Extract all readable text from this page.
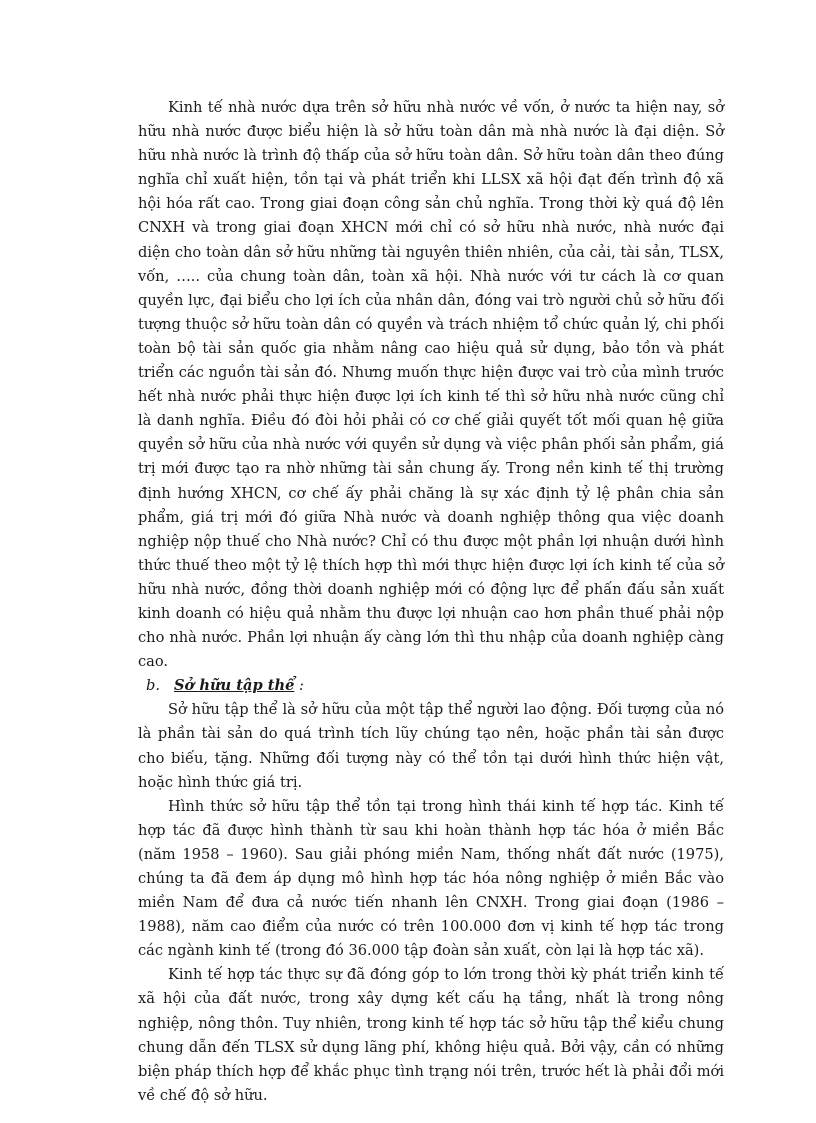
Kinh tế nhà nước dựa trên sở hữu nhà nước về vốn, ở nước ta hiện nay, sở hữu nhà nước được biểu hiện là sở hữu toàn dân mà nhà nước là đại diện. Sở hữu nhà nước là trình độ thấp của sở hữu toàn dân. Sở hữu toàn dân theo đúng nghĩa chỉ xuất hiện, tồn tại và phát triển khi LLSX xã hội đạt đến trình độ xã hội hóa rất cao. Trong giai đoạn công sản chủ nghĩa. Trong thời kỳ quá độ lên CNXH và trong giai đoạn XHCN mới chỉ có sở hữu nhà nước, nhà nước đại diện cho toàn dân sở hữu những tài nguyên thiên nhiên, của cải, tài sản, TLSX, vốn, ….. của chung toàn dân, toàn xã hội. Nhà nước với tư cách là cơ quan quyền lực, đại biểu cho lợi ích của nhân dân, đóng vai trò người chủ sở hữu đối tượng thuộc sở hữu toàn dân có quyền và trách nhiệm tổ chức quản lý, chi phối toàn bộ tài sản quốc gia nhằm nâng cao hiệu quả sử dụng, bảo tồn và phát triển các nguồn tài sản đó. Nhưng muốn thực hiện được vai trò của mình trước hết nhà nước phải thực hiện được lợi ích kinh tế thì sở hữu nhà nước cũng chỉ là danh nghĩa. Điều đó đòi hỏi phải có cơ chế giải quyết tốt mối quan hệ giữa quyền sở hữu của nhà nước với quyền sử dụng và việc phân phối sản phẩm, giá trị mới được tạo ra nhờ những tài sản chung ấy. Trong nền kinh tế thị trường định hướng XHCN, cơ chế ấy phải chăng là sự xác định tỷ lệ phân chia sản phẩm, giá trị mới đó giữa Nhà nước và doanh nghiệp thông qua việc doanh nghiệp nộp thuế cho Nhà nước? Chỉ có thu được một phần lợi nhuận dưới hình thức thuế theo một tỷ lệ thích hợp thì mới thực hiện được lợi ích kinh tế của sở hữu nhà nước, đồng thời doanh nghiệp mới có động lực để phấn đấu sản xuất kinh doanh có hiệu quả nhằm thu được lợi nhuận cao hơn phần thuế phải nộp cho nhà nước. Phần lợi nhuận ấy càng lớn thì thu nhập của doanh nghiệp càng cao.

b. Sở hữu tập thể :

Sở hữu tập thể là sở hữu của một tập thể người lao động. Đối tượng của nó là phần tài sản do quá trình tích lũy chúng tạo nên, hoặc phần tài sản được cho biếu, tặng. Những đối tượng này có thể tồn tại dưới hình thức hiện vật, hoặc hình thức giá trị.

Hình thức sở hữu tập thể tồn tại trong hình thái kinh tế hợp tác. Kinh tế hợp tác đã được hình thành từ sau khi hoàn thành hợp tác hóa ở miền Bắc (năm 1958 – 1960). Sau giải phóng miền Nam, thống nhất đất nước (1975), chúng ta đã đem áp dụng mô hình hợp tác hóa nông nghiệp ở miền Bắc vào miền Nam để đưa cả nước tiến nhanh lên CNXH. Trong giai đoạn (1986 – 1988), năm cao điểm của nước có trên 100.000 đơn vị kinh tế hợp tác trong các ngành kinh tế (trong đó 36.000 tập đoàn sản xuất, còn lại là hợp tác xã).

Kinh tế hợp tác thực sự đã đóng góp to lớn trong thời kỳ phát triển kinh tế xã hội của đất nước, trong xây dựng kết cấu hạ tầng, nhất là trong nông nghiệp, nông thôn. Tuy nhiên, trong kinh tế hợp tác sở hữu tập thể kiểu chung chung dẫn đến TLSX sử dụng lãng phí, không hiệu quả. Bởi vậy, cần có những biện pháp thích hợp để khắc phục tình trạng nói trên, trước hết là phải đổi mới về chế độ sở hữu.
